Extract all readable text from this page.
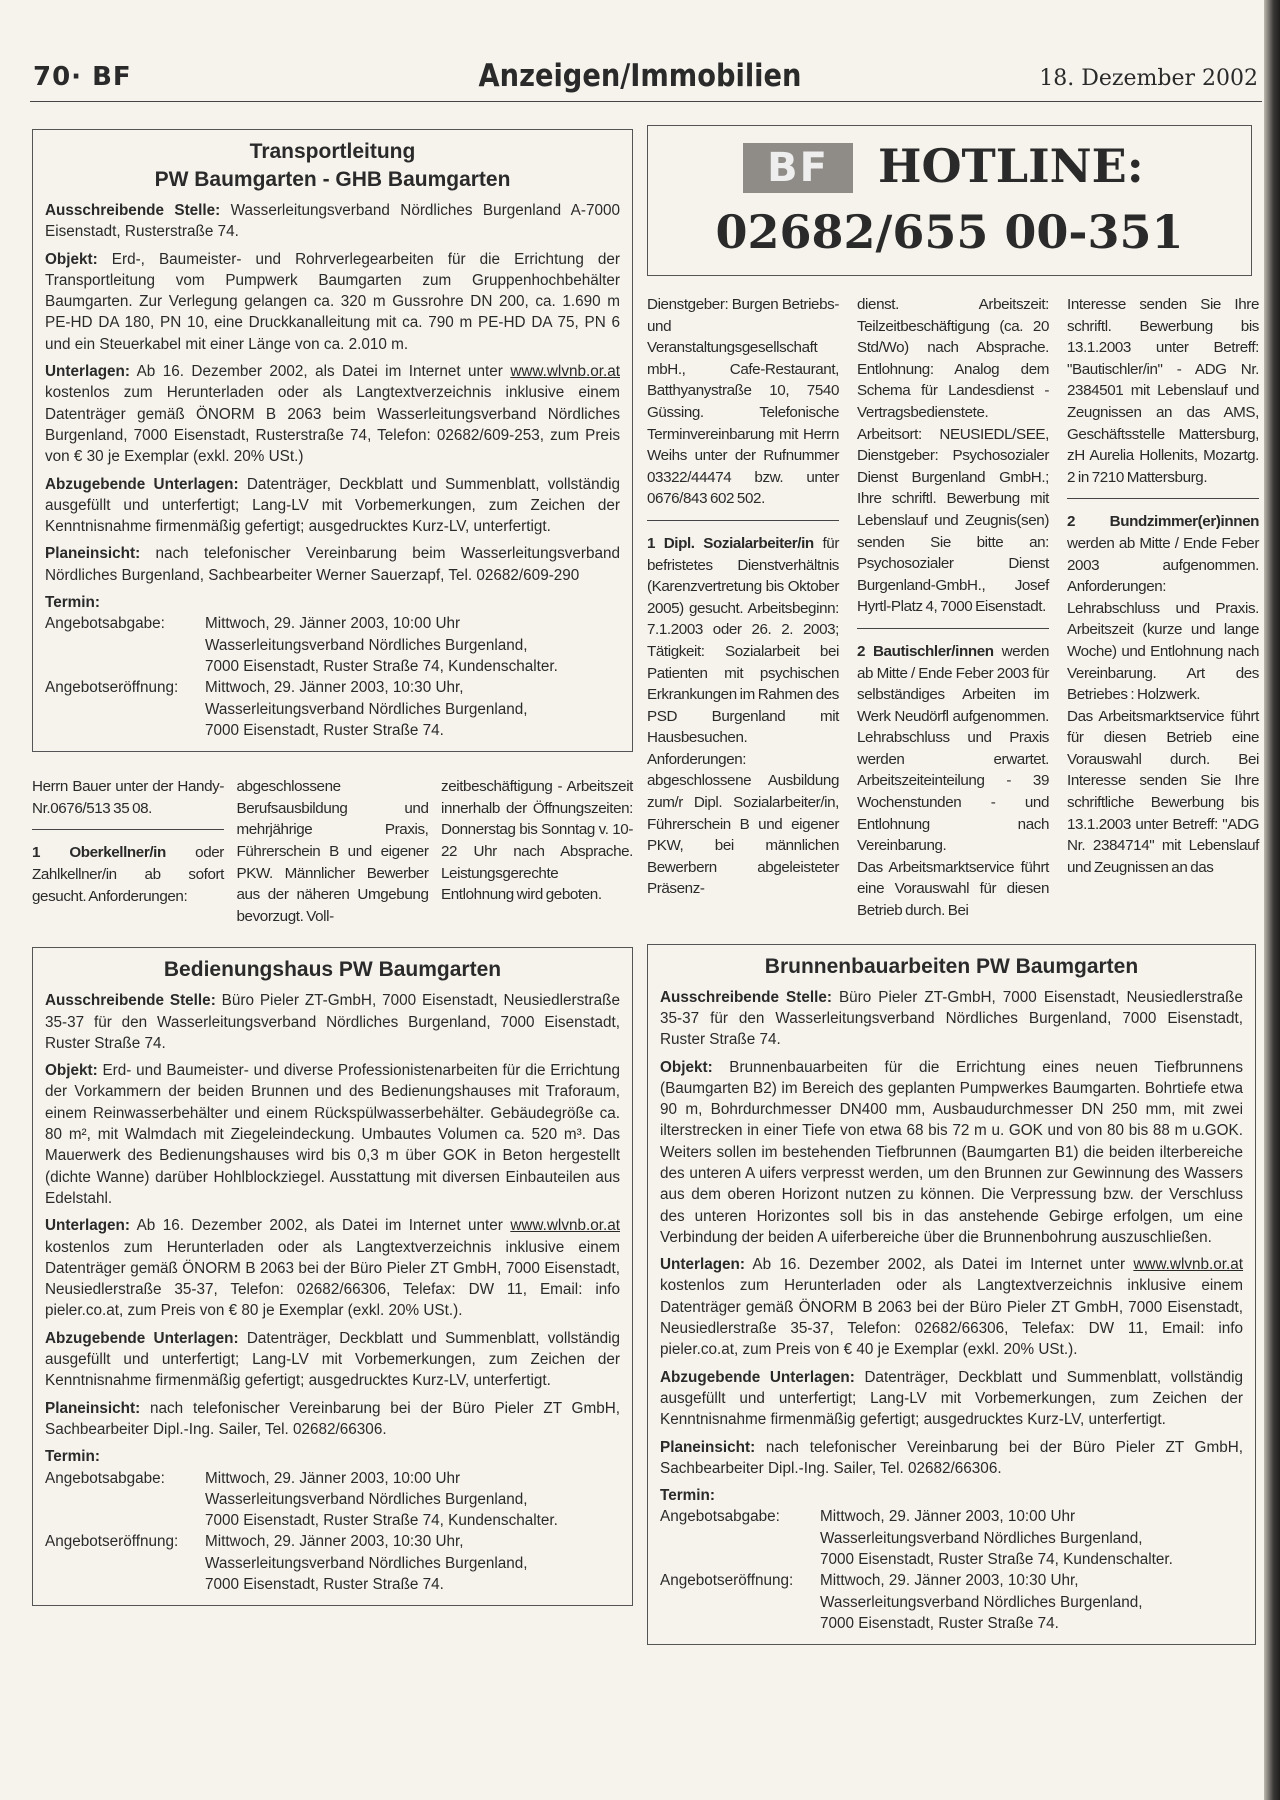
70· BF	Anzeigen/Immobilien	18. Dezember 2002
Transportleitung
PW Baumgarten - GHB Baumgarten

Ausschreibende Stelle: Wasserleitungsverband Nördliches Burgenland A-7000 Eisenstadt, Rusterstraße 74.

Objekt: Erd-, Baumeister- und Rohrverlegearbeiten für die Errichtung der Transportleitung vom Pumpwerk Baumgarten zum Gruppenhochbehälter Baumgarten. Zur Verlegung gelangen ca. 320 m Gussrohre DN 200, ca. 1.690 m PE-HD DA 180, PN 10, eine Druckkanalleitung mit ca. 790 m PE-HD DA 75, PN 6 und ein Steuerkabel mit einer Länge von ca. 2.010 m.

Unterlagen: Ab 16. Dezember 2002, als Datei im Internet unter www.wlvnb.or.at kostenlos zum Herunterladen oder als Langtextverzeichnis inklusive einem Datenträger gemäß ÖNORM B 2063 beim Wasserleitungsverband Nördliches Burgenland, 7000 Eisenstadt, Rusterstraße 74, Telefon: 02682/609-253, zum Preis von € 30 je Exemplar (exkl. 20% USt.)

Abzugebende Unterlagen: Datenträger, Deckblatt und Summenblatt, vollständig ausgefüllt und unterfertigt; Lang-LV mit Vorbemerkungen, zum Zeichen der Kenntnisnahme firmenmäßig gefertigt; ausgedrucktes Kurz-LV, unterfertigt.

Planeinsicht: nach telefonischer Vereinbarung beim Wasserleitungsverband Nördliches Burgenland, Sachbearbeiter Werner Sauerzapf, Tel. 02682/609-290

Termin:

Angebotsabgabe:	Mittwoch, 29. Jänner 2003, 10:00 Uhr
Wasserleitungsverband Nördliches Burgenland,
7000 Eisenstadt, Ruster Straße 74, Kundenschalter.
Angebotseröffnung:	Mittwoch, 29. Jänner 2003, 10:30 Uhr,
Wasserleitungsverband Nördliches Burgenland,
7000 Eisenstadt, Ruster Straße 74.

Herrn Bauer unter der Handy-Nr.0676/513 35 08.

1 Oberkellner/in oder Zahlkellner/in ab sofort gesucht. Anforderungen:

abgeschlossene Berufsausbildung und mehrjährige Praxis, Führerschein B und eigener PKW. Männlicher Bewerber aus der näheren Umgebung bevorzugt. Voll-

zeitbeschäftigung - Arbeitszeit innerhalb der Öffnungszeiten: Donnerstag bis Sonntag v. 10-22 Uhr nach Absprache. Leistungsgerechte Entlohnung wird geboten.

Bedienungshaus PW Baumgarten

Ausschreibende Stelle: Büro Pieler ZT-GmbH, 7000 Eisenstadt, Neusiedlerstraße 35-37 für den Wasserleitungsverband Nördliches Burgenland, 7000 Eisenstadt, Ruster Straße 74.

Objekt: Erd- und Baumeister- und diverse Professionistenarbeiten für die Errichtung der Vorkammern der beiden Brunnen und des Bedienungshauses mit Traforaum, einem Reinwasserbehälter und einem Rückspülwasserbehälter. Gebäudegröße ca. 80 m², mit Walmdach mit Ziegeleindeckung. Umbautes Volumen ca. 520 m³. Das Mauerwerk des Bedienungshauses wird bis 0,3 m über GOK in Beton hergestellt (dichte Wanne) darüber Hohlblockziegel. Ausstattung mit diversen Einbauteilen aus Edelstahl.

Unterlagen: Ab 16. Dezember 2002, als Datei im Internet unter www.wlvnb.or.at kostenlos zum Herunterladen oder als Langtextverzeichnis inklusive einem Datenträger gemäß ÖNORM B 2063 bei der Büro Pieler ZT GmbH, 7000 Eisenstadt, Neusiedlerstraße 35-37, Telefon: 02682/66306, Telefax: DW 11, Email: info pieler.co.at, zum Preis von € 80 je Exemplar (exkl. 20% USt.).

Abzugebende Unterlagen: Datenträger, Deckblatt und Summenblatt, vollständig ausgefüllt und unterfertigt; Lang-LV mit Vorbemerkungen, zum Zeichen der Kenntnisnahme firmenmäßig gefertigt; ausgedrucktes Kurz-LV, unterfertigt.

Planeinsicht: nach telefonischer Vereinbarung bei der Büro Pieler ZT GmbH, Sachbearbeiter Dipl.-Ing. Sailer, Tel. 02682/66306.

Termin:

Angebotsabgabe:	Mittwoch, 29. Jänner 2003, 10:00 Uhr
Wasserleitungsverband Nördliches Burgenland,
7000 Eisenstadt, Ruster Straße 74, Kundenschalter.
Angebotseröffnung:	Mittwoch, 29. Jänner 2003, 10:30 Uhr,
Wasserleitungsverband Nördliches Burgenland,
7000 Eisenstadt, Ruster Straße 74.
BF	HOTLINE:
02682/655 00-351

Dienstgeber: Burgen Betriebs- und Veranstaltungsgesellschaft mbH., Cafe-Restaurant, Batthyanystraße 10, 7540 Güssing. Telefonische Terminvereinbarung mit Herrn Weihs unter der Rufnummer 03322/44474 bzw. unter 0676/843 602 502.

1 Dipl. Sozialarbeiter/in für befristetes Dienstverhältnis (Karenzvertretung bis Oktober 2005) gesucht. Arbeitsbeginn: 7.1.2003 oder 26. 2. 2003; Tätigkeit: Sozialarbeit bei Patienten mit psychischen Erkrankungen im Rahmen des PSD Burgenland mit Hausbesuchen. Anforderungen: abgeschlossene Ausbildung zum/r Dipl. Sozialarbeiter/in, Führerschein B und eigener PKW, bei männlichen Bewerbern abgeleisteter Präsenz-

dienst. Arbeitszeit: Teilzeitbeschäftigung (ca. 20 Std/Wo) nach Absprache. Entlohnung: Analog dem Schema für Landesdienst - Vertragsbedienstete. Arbeitsort: NEUSIEDL/SEE, Dienstgeber: Psychosozialer Dienst Burgenland GmbH.; Ihre schriftl. Bewerbung mit Lebenslauf und Zeugnis(sen) senden Sie bitte an: Psychosozialer Dienst Burgenland-GmbH., Josef Hyrtl-Platz 4, 7000 Eisenstadt.

2 Bautischler/innen werden ab Mitte / Ende Feber 2003 für selbständiges Arbeiten im Werk Neudörfl aufgenommen. Lehrabschluss und Praxis werden erwartet. Arbeitszeiteinteilung - 39 Wochenstunden - und Entlohnung nach Vereinbarung.

Das Arbeitsmarktservice führt eine Vorauswahl für diesen Betrieb durch. Bei

Interesse senden Sie Ihre schriftl. Bewerbung bis 13.1.2003 unter Betreff: "Bautischler/in" - ADG Nr. 2384501 mit Lebenslauf und Zeugnissen an das AMS, Geschäftsstelle Mattersburg, zH Aurelia Hollenits, Mozartg. 2 in 7210 Mattersburg.

2 Bundzimmer(er)innen werden ab Mitte / Ende Feber 2003 aufgenommen. Anforderungen: Lehrabschluss und Praxis. Arbeitszeit (kurze und lange Woche) und Entlohnung nach Vereinbarung. Art des Betriebes : Holzwerk.

Das Arbeitsmarktservice führt für diesen Betrieb eine Vorauswahl durch. Bei Interesse senden Sie Ihre schriftliche Bewerbung bis 13.1.2003 unter Betreff: "ADG Nr. 2384714" mit Lebenslauf und Zeugnissen an das

Brunnenbauarbeiten PW Baumgarten

Ausschreibende Stelle: Büro Pieler ZT-GmbH, 7000 Eisenstadt, Neusiedlerstraße 35-37 für den Wasserleitungsverband Nördliches Burgenland, 7000 Eisenstadt, Ruster Straße 74.

Objekt: Brunnenbauarbeiten für die Errichtung eines neuen Tiefbrunnens (Baumgarten B2) im Bereich des geplanten Pumpwerkes Baumgarten. Bohrtiefe etwa 90 m, Bohrdurchmesser DN400 mm, Ausbaudurchmesser DN 250 mm, mit zwei ilterstrecken in einer Tiefe von etwa 68 bis 72 m u. GOK und von 80 bis 88 m u.GOK. Weiters sollen im bestehenden Tiefbrunnen (Baumgarten B1) die beiden ilterbereiche des unteren A uifers verpresst werden, um den Brunnen zur Gewinnung des Wassers aus dem oberen Horizont nutzen zu können. Die Verpressung bzw. der Verschluss des unteren Horizontes soll bis in das anstehende Gebirge erfolgen, um eine Verbindung der beiden A uiferbereiche über die Brunnenbohrung auszuschließen.

Unterlagen: Ab 16. Dezember 2002, als Datei im Internet unter www.wlvnb.or.at kostenlos zum Herunterladen oder als Langtextverzeichnis inklusive einem Datenträger gemäß ÖNORM B 2063 bei der Büro Pieler ZT GmbH, 7000 Eisenstadt, Neusiedlerstraße 35-37, Telefon: 02682/66306, Telefax: DW 11, Email: info pieler.co.at, zum Preis von € 40 je Exemplar (exkl. 20% USt.).

Abzugebende Unterlagen: Datenträger, Deckblatt und Summenblatt, vollständig ausgefüllt und unterfertigt; Lang-LV mit Vorbemerkungen, zum Zeichen der Kenntnisnahme firmenmäßig gefertigt; ausgedrucktes Kurz-LV, unterfertigt.

Planeinsicht: nach telefonischer Vereinbarung bei der Büro Pieler ZT GmbH, Sachbearbeiter Dipl.-Ing. Sailer, Tel. 02682/66306.

Termin:

Angebotsabgabe:	Mittwoch, 29. Jänner 2003, 10:00 Uhr
Wasserleitungsverband Nördliches Burgenland,
7000 Eisenstadt, Ruster Straße 74, Kundenschalter.
Angebotseröffnung:	Mittwoch, 29. Jänner 2003, 10:30 Uhr,
Wasserleitungsverband Nördliches Burgenland,
7000 Eisenstadt, Ruster Straße 74.
